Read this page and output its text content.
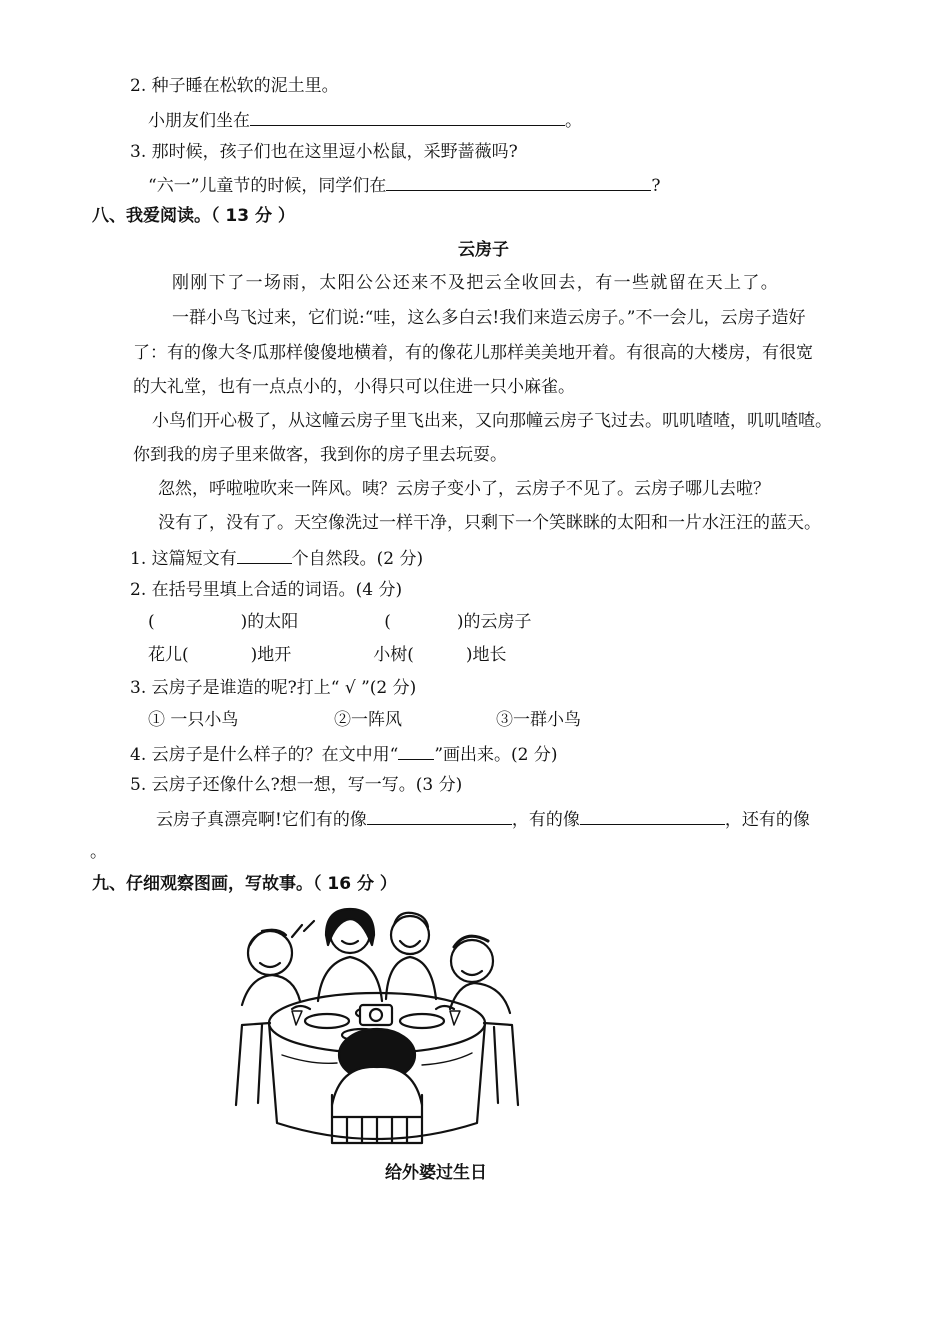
2. 种子睡在松软的泥土里。
小朋友们坐在	。
3. 那时候，孩子们也在这里逗小松鼠，采野蔷薇吗?
“六一”儿童节的时候，同学们在	?
八、我爱阅读。（ 13 分 ）
云房子
刚刚下了一场雨，太阳公公还来不及把云全收回去，有一些就留在天上了。
一群小鸟飞过来，它们说:“哇，这么多白云!我们来造云房子。”不一会儿，云房子造好
了：有的像大冬瓜那样傻傻地横着，有的像花儿那样美美地开着。有很高的大楼房，有很宽
的大礼堂，也有一点点小的，小得只可以住进一只小麻雀。
小鸟们开心极了，从这幢云房子里飞出来，又向那幢云房子飞过去。叽叽喳喳，叽叽喳喳。
你到我的房子里来做客，我到你的房子里去玩耍。
忽然，呼啦啦吹来一阵风。咦？云房子变小了，云房子不见了。云房子哪儿去啦？
没有了，没有了。天空像洗过一样干净，只剩下一个笑眯眯的太阳和一片水汪汪的蓝天。
1. 这篇短文有	个自然段。(2 分)
2. 在括号里填上合适的词语。(4 分)
(	)的太阳	(	)的云房子
花儿(	)地开	小树(	)地长
3. 云房子是谁造的呢?打上“ √ ”(2 分)
① 一只小鸟	②一阵风	③一群小鸟
4. 云房子是什么样子的？在文中用“ ”画出来。(2 分)
5. 云房子还像什么?想一想，写一写。(3 分)
云房子真漂亮啊!它们有的像	，有的像	，还有的像
。
九、仔细观察图画，写故事。（ 16 分 ）
给外婆过生日
